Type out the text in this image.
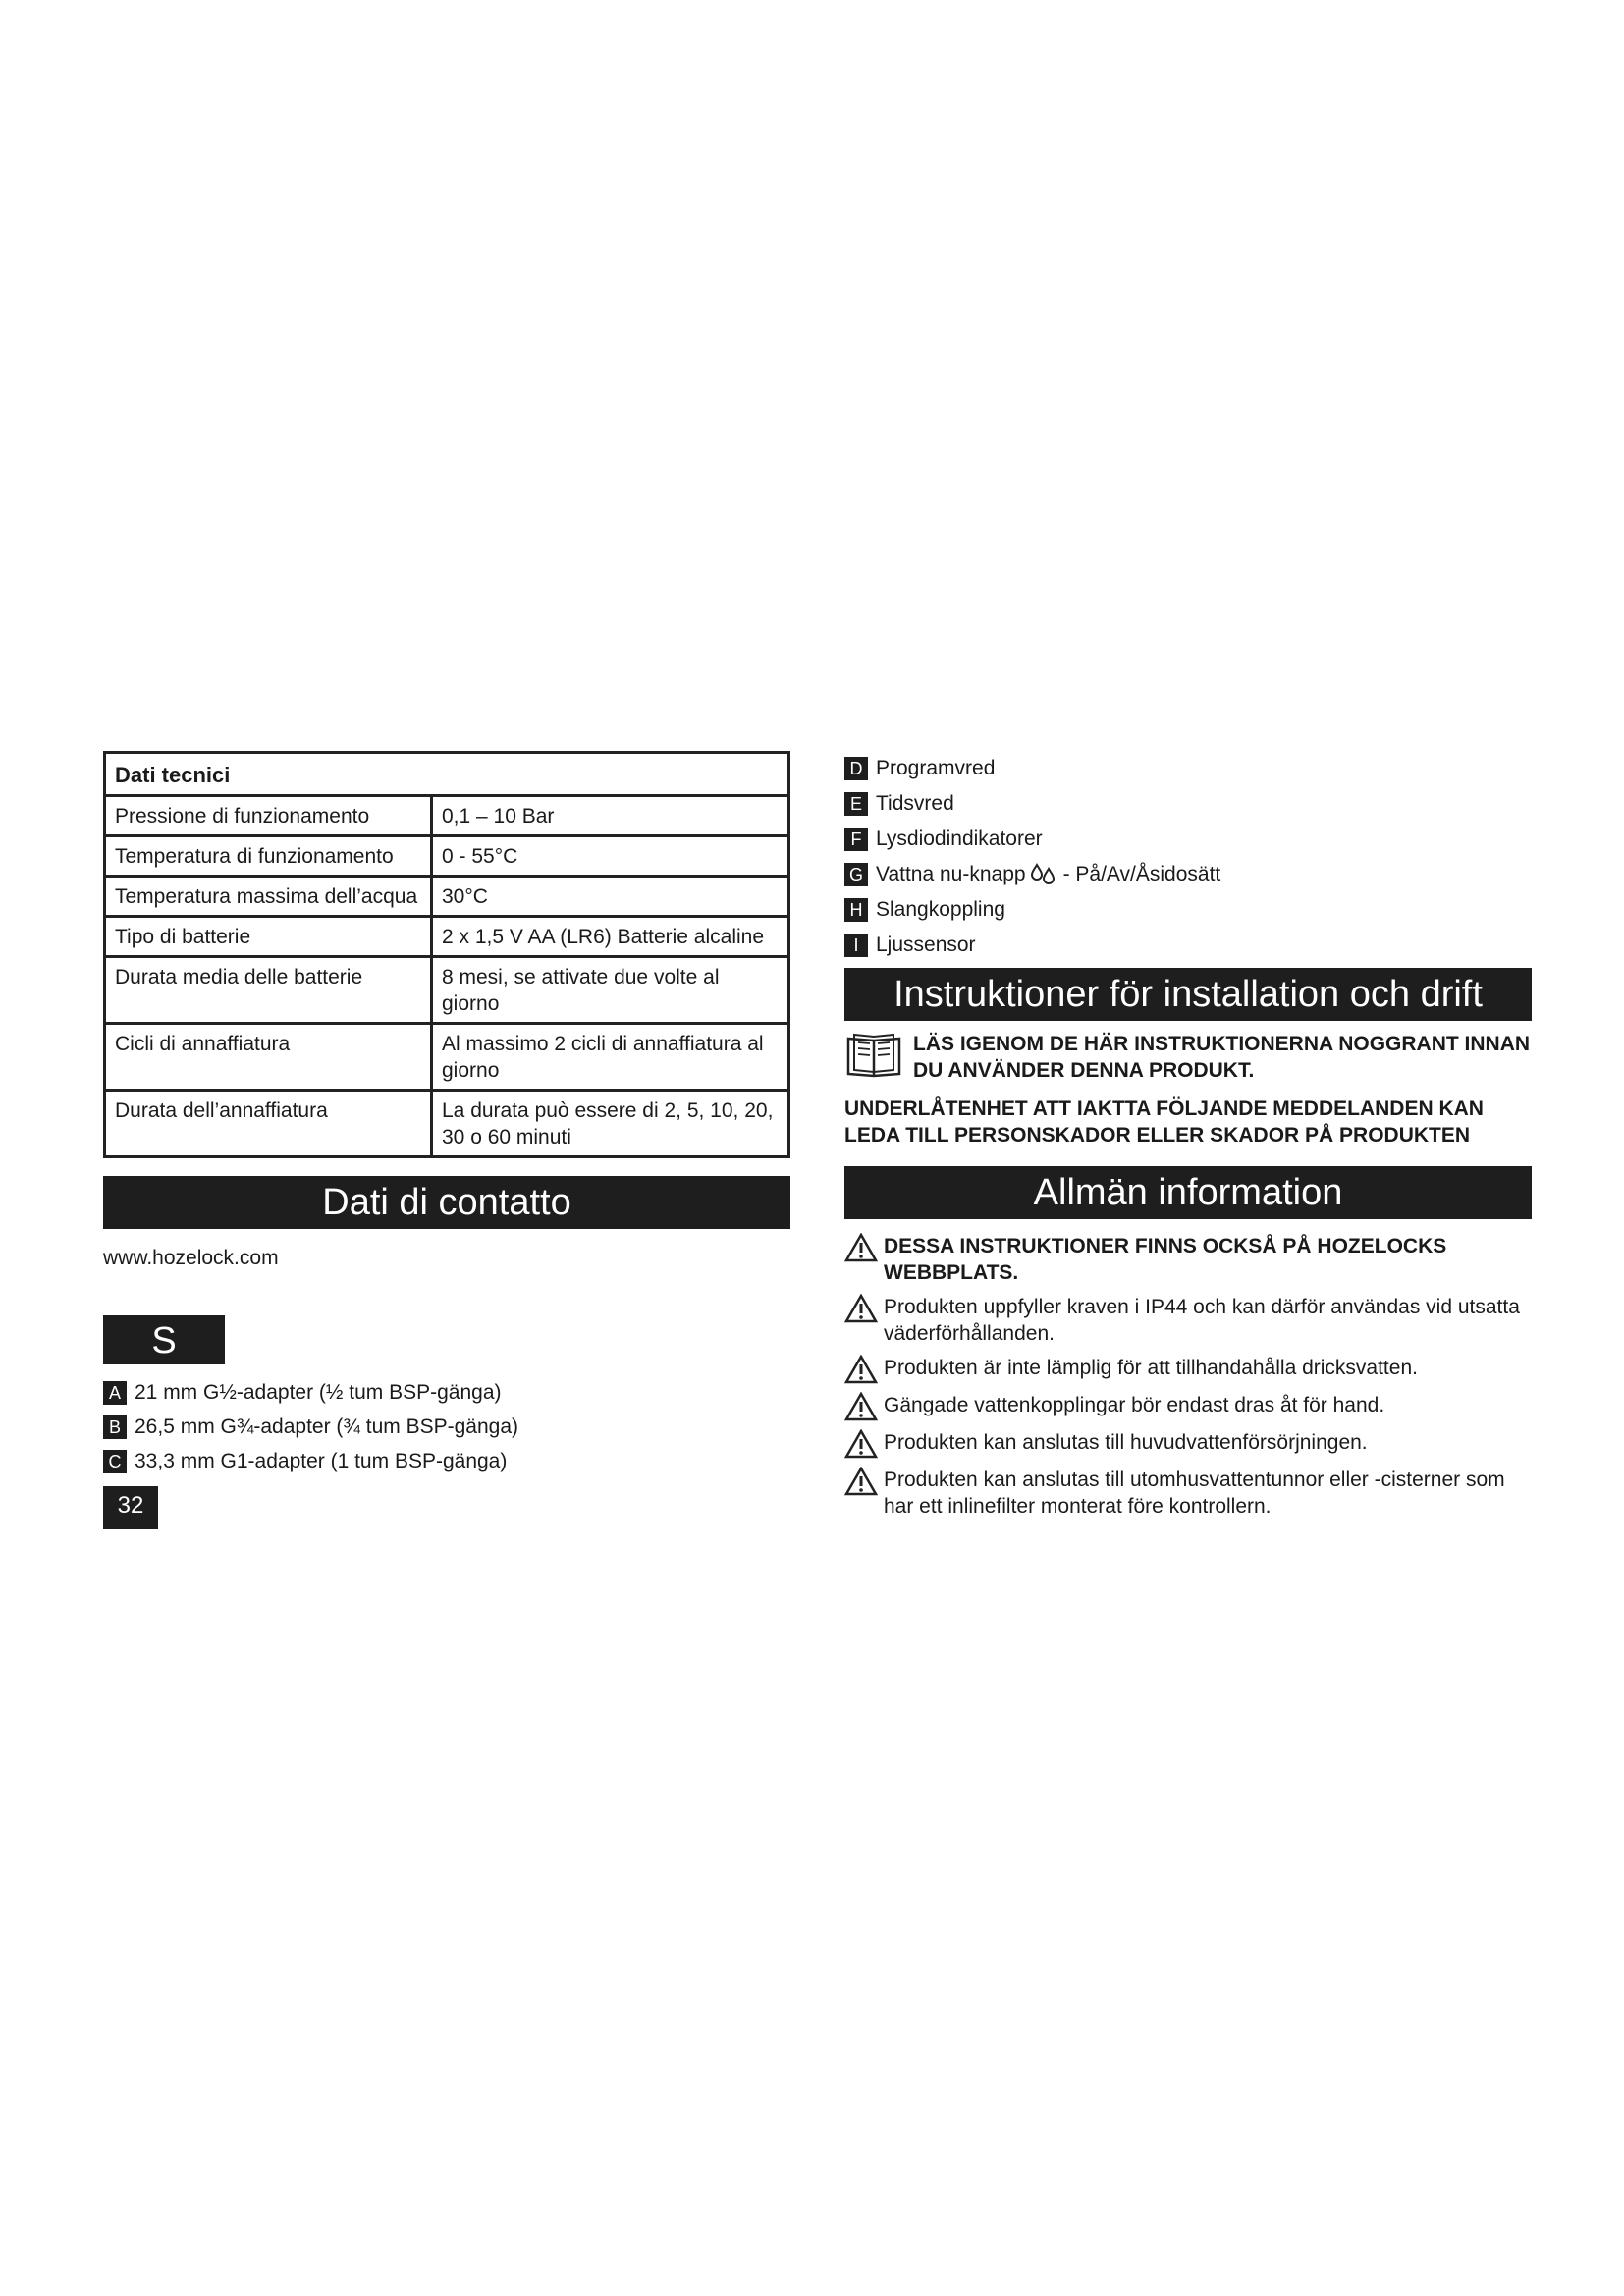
Dati tecnici	
Pressione di funzionamento	0,1 – 10 Bar
Temperatura di funzionamento	0 - 55°C
Temperatura massima dell’acqua	30°C
Tipo di batterie	2 x 1,5 V AA (LR6) Batterie alcaline
Durata media delle batterie	8 mesi, se attivate due volte al giorno
Cicli di annaffiatura	Al massimo 2 cicli di annaffiatura al giorno
Durata dell’annaffiatura	La durata può essere di 2, 5, 10, 20, 30 o 60 minuti
Dati di contatto
www.hozelock.com
S
A 21 mm G½-adapter (½ tum BSP-gänga)
B 26,5 mm G¾-adapter (¾ tum BSP-gänga)
C 33,3 mm G1-adapter (1 tum BSP-gänga)
32
D Programvred
E Tidsvred
F Lysdiodindikatorer
G Vattna nu-knapp - På/Av/Åsidosätt
H Slangkoppling
I Ljussensor
Instruktioner för installation och drift
LÄS IGENOM DE HÄR INSTRUKTIONERNA NOGGRANT INNAN DU ANVÄNDER DENNA PRODUKT.
UNDERLÅTENHET ATT IAKTTA FÖLJANDE MEDDELANDEN KAN LEDA TILL PERSONSKADOR ELLER SKADOR PÅ PRODUKTEN
Allmän information
DESSA INSTRUKTIONER FINNS OCKSÅ PÅ HOZELOCKS WEBBPLATS.
Produkten uppfyller kraven i IP44 och kan därför användas vid utsatta väderförhållanden.
Produkten är inte lämplig för att tillhandahålla dricksvatten.
Gängade vattenkopplingar bör endast dras åt för hand.
Produkten kan anslutas till huvudvattenförsörjningen.
Produkten kan anslutas till utomhusvattentunnor eller -cisterner som har ett inlinefilter monterat före kontrollern.
